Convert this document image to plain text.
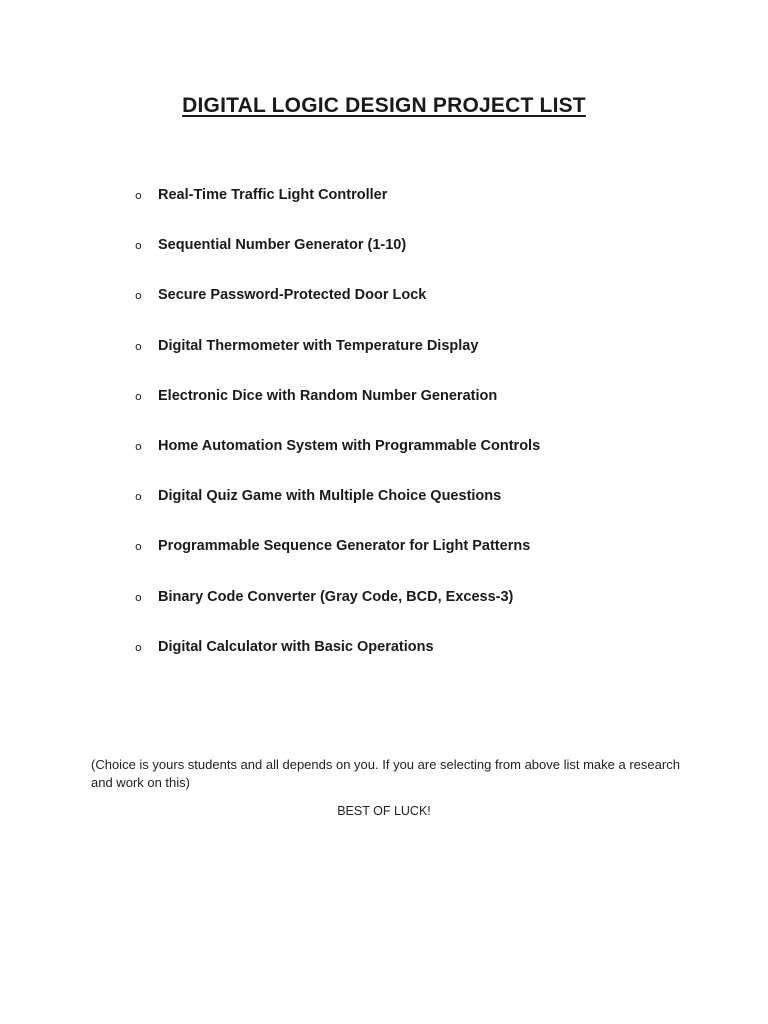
DIGITAL LOGIC DESIGN PROJECT LIST
o	Real-Time Traffic Light Controller
o	Sequential Number Generator (1-10)
o	Secure Password-Protected Door Lock
o	Digital Thermometer with Temperature Display
o	Electronic Dice with Random Number Generation
o	Home Automation System with Programmable Controls
o	Digital Quiz Game with Multiple Choice Questions
o	Programmable Sequence Generator for Light Patterns
o	Binary Code Converter (Gray Code, BCD, Excess-3)
o	Digital Calculator with Basic Operations

(Choice is yours students and all depends on you. If you are selecting from above list make a research and work on this)

BEST OF LUCK!
